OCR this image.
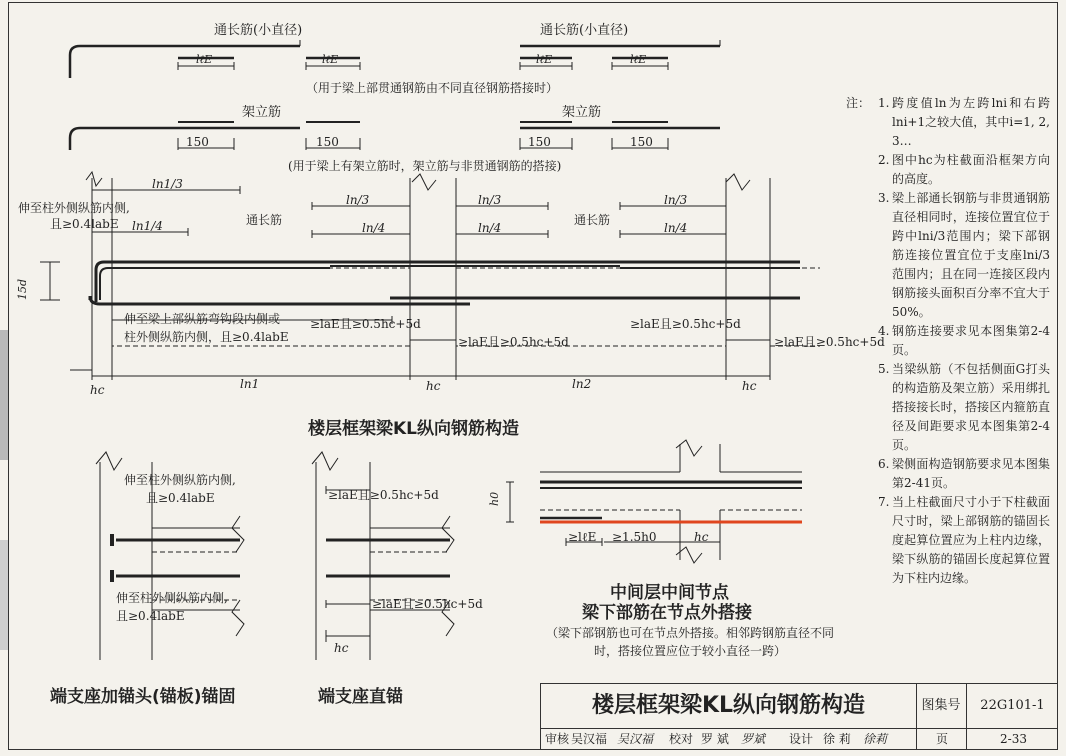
通长筋(小直径)	通长筋(小直径)
lℓE	lℓE	lℓE	lℓE
（用于梁上部贯通钢筋由不同直径钢筋搭接时）
架立筋	架立筋
150	150	150	150
(用于梁上有架立筋时，架立筋与非贯通钢筋的搭接)
ln1/3
ln1/4
ln/3
ln/4
ln/3
ln/4
ln/3
ln/4
通长筋	通长筋
伸至柱外侧纵筋内侧,
且≥0.4labE
15d
伸至梁上部纵筋弯钩段内侧或
柱外侧纵筋内侧，且≥0.4labE
≥laE且≥0.5hc+5d
≥laE且≥0.5hc+5d
≥laE且≥0.5hc+5d
≥laE且≥0.5hc+5d
hc	ln1	hc	ln2	hc
伸至柱外侧纵筋内侧,
且≥0.4labE
伸至柱外侧纵筋内侧,
且≥0.4labE
≥laE且≥0.5hc+5d
≥laE且≥0.5hc+5d
hc
h0
≥lℓE ≥1.5h0	hc
楼层框架梁KL纵向钢筋构造
端支座加锚头(锚板)锚固	端支座直锚
中间层中间节点
梁下部筋在节点外搭接
（梁下部钢筋也可在节点外搭接。相邻跨钢筋直径不同时，搭接位置应位于较小直径一跨）
注： 1. 跨度值ln为左跨lni和右跨lni+1之较大值，其中i=1, 2, 3…
2. 图中hc为柱截面沿框架方向的高度。
3. 梁上部通长钢筋与非贯通钢筋直径相同时，连接位置宜位于跨中lni/3范围内；梁下部钢筋连接位置宜位于支座lni/3范围内；且在同一连接区段内钢筋接头面积百分率不宜大于50%。
4. 钢筋连接要求见本图集第2-4页。
5. 当梁纵筋（不包括侧面G打头的构造筋及架立筋）采用绑扎搭接接长时，搭接区内箍筋直径及间距要求见本图集第2-4页。
6. 梁侧面构造钢筋要求见本图集第2-41页。
7. 当上柱截面尺寸小于下柱截面尺寸时，梁上部钢筋的锚固长度起算位置应为上柱内边缘，梁下纵筋的锚固长度起算位置为下柱内边缘。
楼层框架梁KL纵向钢筋构造	图集号	22G101-1
审核 吴汉福 吴汉福 校对 罗 斌 罗斌 设计 徐 莉 徐莉	页	2-33
